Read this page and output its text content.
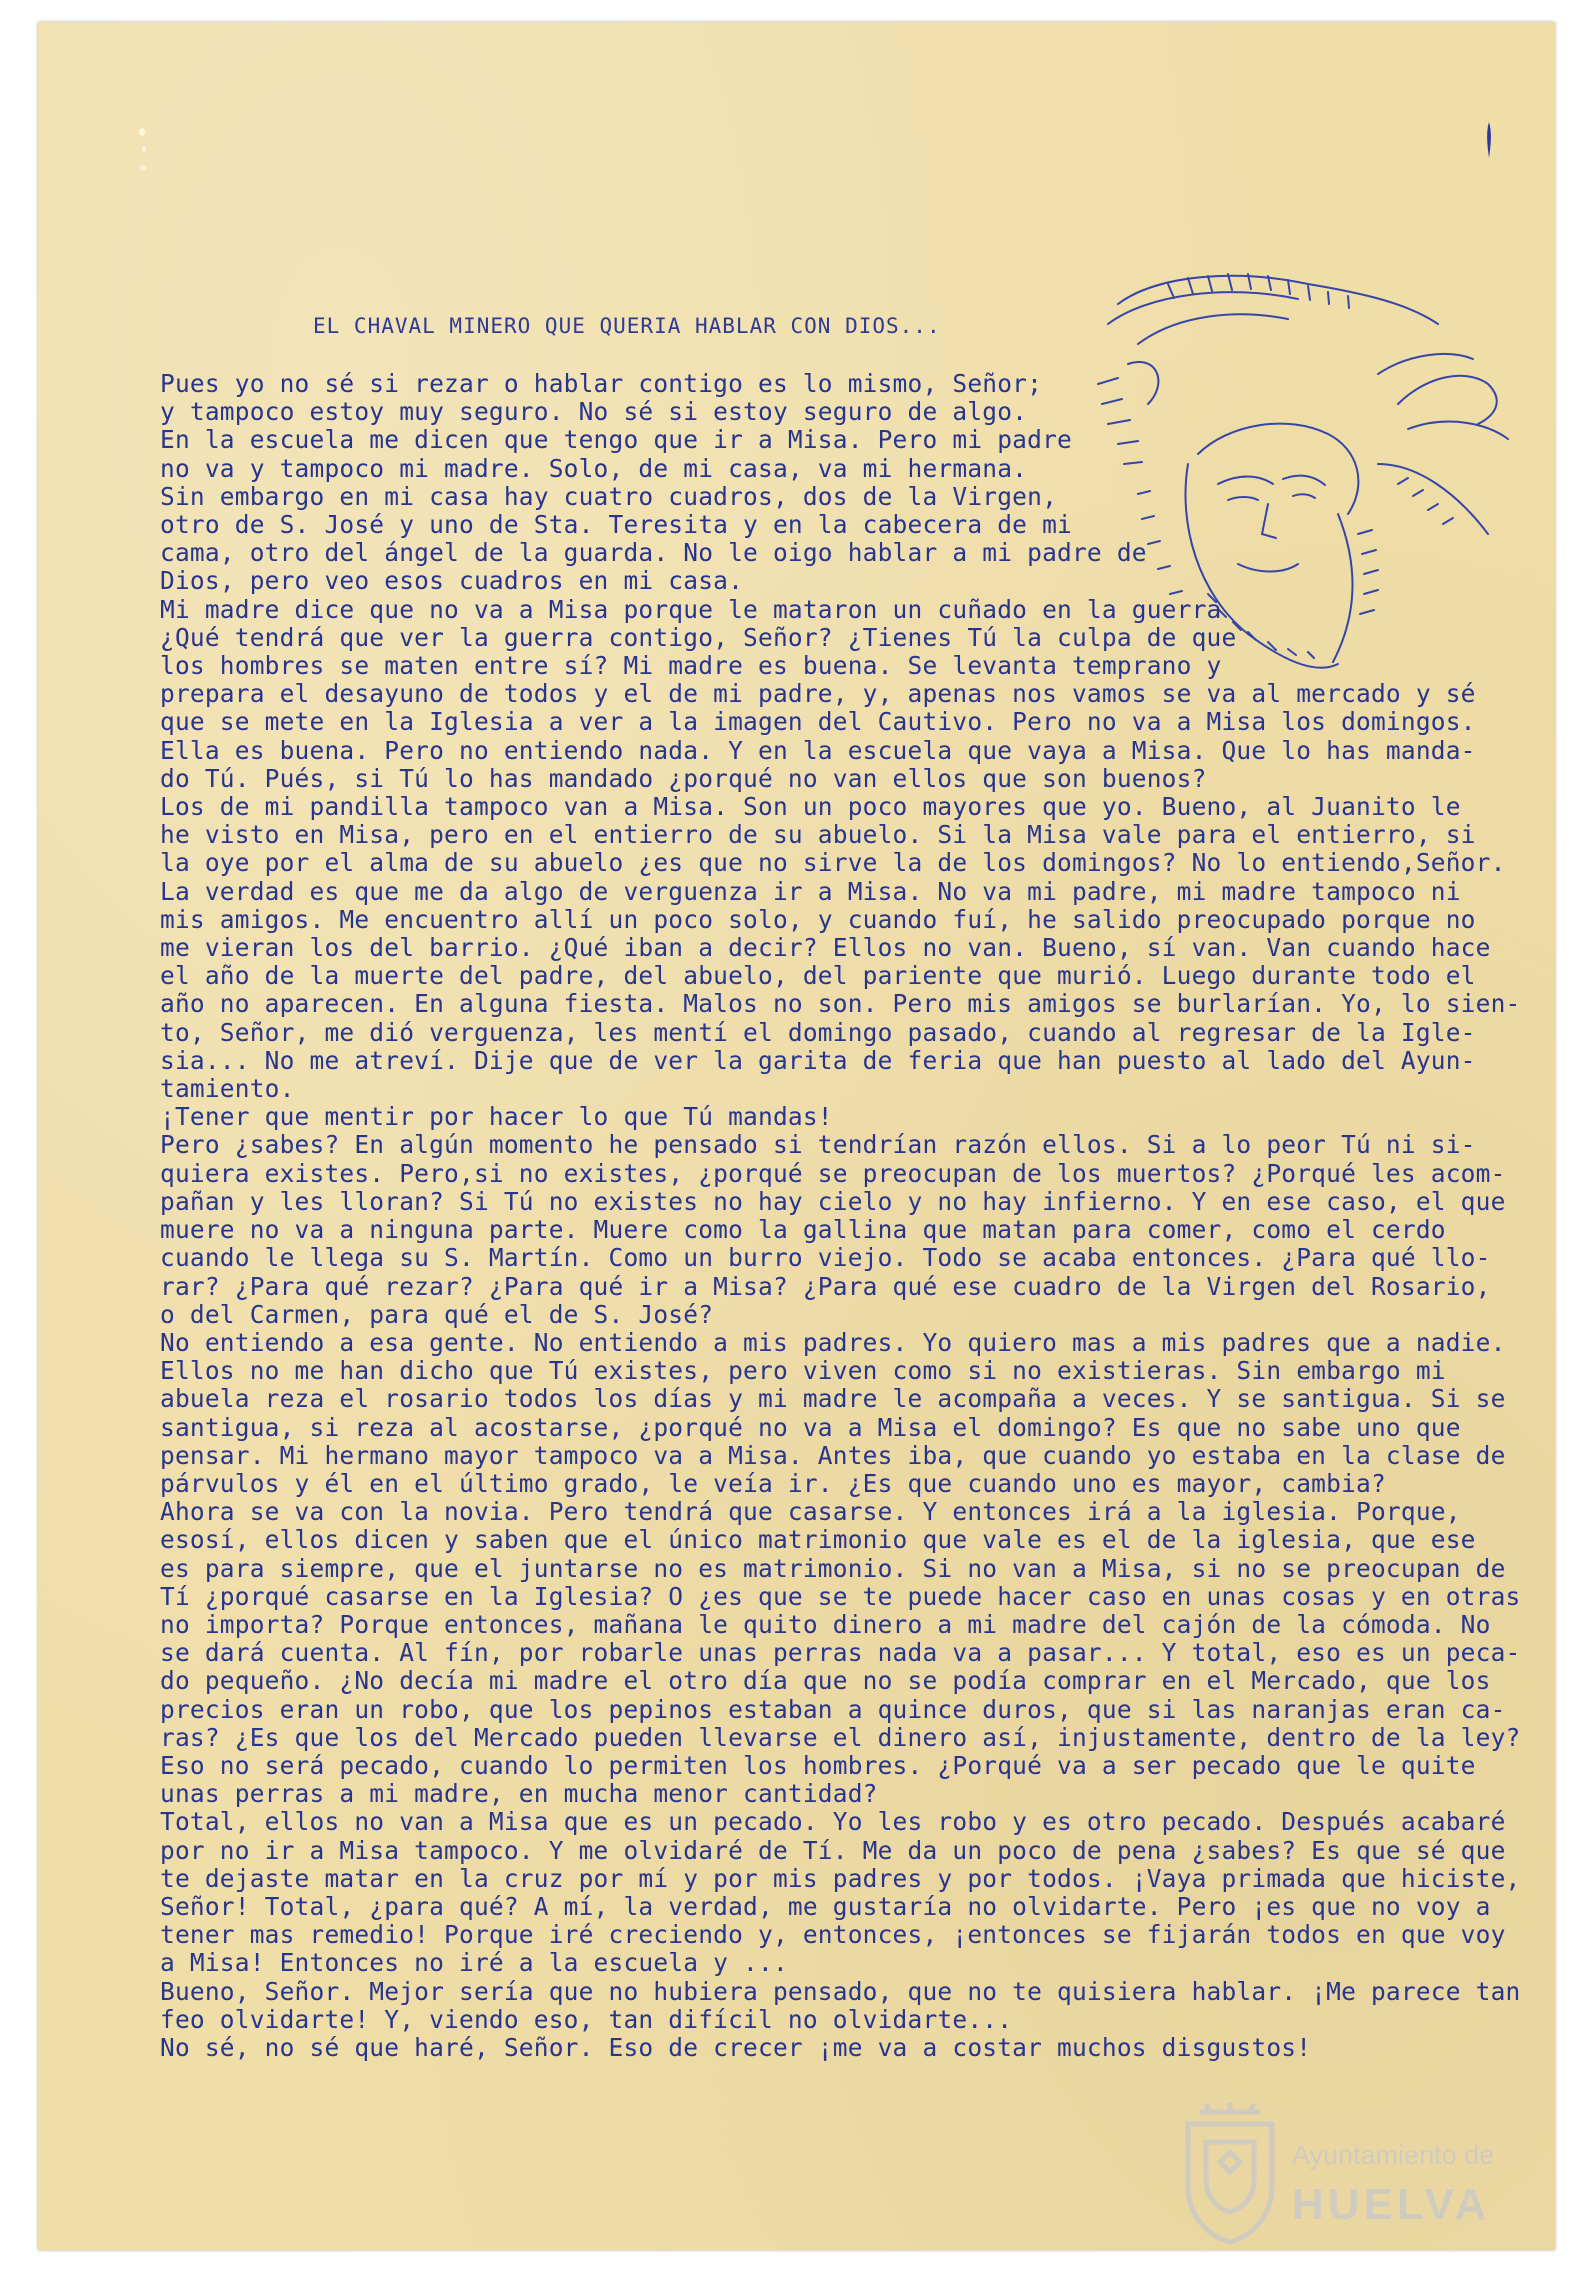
EL CHAVAL MINERO QUE QUERIA HABLAR CON DIOS...

Pues yo no sé si rezar o hablar contigo es lo mismo, Señor;

y tampoco estoy muy seguro. No sé si estoy seguro de algo.

En la escuela me dicen que tengo que ir a Misa. Pero mi padre

no va y tampoco mi madre. Solo, de mi casa, va mi hermana.

Sin embargo en mi casa hay cuatro cuadros, dos de la Virgen,

otro de S. José y uno de Sta. Teresita y en la cabecera de mi

cama, otro del ángel de la guarda. No le oigo hablar a mi padre de

Dios, pero veo esos cuadros en mi casa.

Mi madre dice que no va a Misa porque le mataron un cuñado en la guerra

¿Qué tendrá que ver la guerra contigo, Señor? ¿Tienes Tú la culpa de que

los hombres se maten entre sí? Mi madre es buena. Se levanta temprano y

prepara el desayuno de todos y el de mi padre, y, apenas nos vamos se va al mercado y sé

que se mete en la Iglesia a ver a la imagen del Cautivo. Pero no va a Misa los domingos.

Ella es buena. Pero no entiendo nada. Y en la escuela que vaya a Misa. Que lo has manda-

do Tú. Pués, si Tú lo has mandado ¿porqué no van ellos que son buenos?

Los de mi pandilla tampoco van a Misa. Son un poco mayores que yo. Bueno, al Juanito le

he visto en Misa, pero en el entierro de su abuelo. Si la Misa vale para el entierro, si

la oye por el alma de su abuelo ¿es que no sirve la de los domingos? No lo entiendo,Señor.

La verdad es que me da algo de verguenza ir a Misa. No va mi padre, mi madre tampoco ni

mis amigos. Me encuentro allí un poco solo, y cuando fuí, he salido preocupado porque no

me vieran los del barrio. ¿Qué iban a decir? Ellos no van. Bueno, sí van. Van cuando hace

el año de la muerte del padre, del abuelo, del pariente que murió. Luego durante todo el

año no aparecen. En alguna fiesta. Malos no son. Pero mis amigos se burlarían. Yo, lo sien-

to, Señor, me dió verguenza, les mentí el domingo pasado, cuando al regresar de la Igle-

sia... No me atreví. Dije que de ver la garita de feria que han puesto al lado del Ayun-

tamiento.

¡Tener que mentir por hacer lo que Tú mandas!

Pero ¿sabes? En algún momento he pensado si tendrían razón ellos. Si a lo peor Tú ni si-

quiera existes. Pero,si no existes, ¿porqué se preocupan de los muertos? ¿Porqué les acom-

pañan y les lloran? Si Tú no existes no hay cielo y no hay infierno. Y en ese caso, el que

muere no va a ninguna parte. Muere como la gallina que matan para comer, como el cerdo

cuando le llega su S. Martín. Como un burro viejo. Todo se acaba entonces. ¿Para qué llo-

rar? ¿Para qué rezar? ¿Para qué ir a Misa? ¿Para qué ese cuadro de la Virgen del Rosario,

o del Carmen, para qué el de S. José?

No entiendo a esa gente. No entiendo a mis padres. Yo quiero mas a mis padres que a nadie.

Ellos no me han dicho que Tú existes, pero viven como si no existieras. Sin embargo mi

abuela reza el rosario todos los días y mi madre le acompaña a veces. Y se santigua. Si se

santigua, si reza al acostarse, ¿porqué no va a Misa el domingo? Es que no sabe uno que

pensar. Mi hermano mayor tampoco va a Misa. Antes iba, que cuando yo estaba en la clase de

párvulos y él en el último grado, le veía ir. ¿Es que cuando uno es mayor, cambia?

Ahora se va con la novia. Pero tendrá que casarse. Y entonces irá a la iglesia. Porque,

esosí, ellos dicen y saben que el único matrimonio que vale es el de la iglesia, que ese

es para siempre, que el juntarse no es matrimonio. Si no van a Misa, si no se preocupan de

Tí ¿porqué casarse en la Iglesia? O ¿es que se te puede hacer caso en unas cosas y en otras

no importa? Porque entonces, mañana le quito dinero a mi madre del cajón de la cómoda. No

se dará cuenta. Al fín, por robarle unas perras nada va a pasar... Y total, eso es un peca-

do pequeño. ¿No decía mi madre el otro día que no se podía comprar en el Mercado, que los

precios eran un robo, que los pepinos estaban a quince duros, que si las naranjas eran ca-

ras? ¿Es que los del Mercado pueden llevarse el dinero así, injustamente, dentro de la ley?

Eso no será pecado, cuando lo permiten los hombres. ¿Porqué va a ser pecado que le quite

unas perras a mi madre, en mucha menor cantidad?

Total, ellos no van a Misa que es un pecado. Yo les robo y es otro pecado. Después acabaré

por no ir a Misa tampoco. Y me olvidaré de Tí. Me da un poco de pena ¿sabes? Es que sé que

te dejaste matar en la cruz por mí y por mis padres y por todos. ¡Vaya primada que hiciste,

Señor! Total, ¿para qué? A mí, la verdad, me gustaría no olvidarte. Pero ¡es que no voy a

tener mas remedio! Porque iré creciendo y, entonces, ¡entonces se fijarán todos en que voy

a Misa! Entonces no iré a la escuela y ...

Bueno, Señor. Mejor sería que no hubiera pensado, que no te quisiera hablar. ¡Me parece tan

feo olvidarte! Y, viendo eso, tan difícil no olvidarte...

No sé, no sé que haré, Señor. Eso de crecer ¡me va a costar muchos disgustos!

Ayuntamiento de
HUELVA
